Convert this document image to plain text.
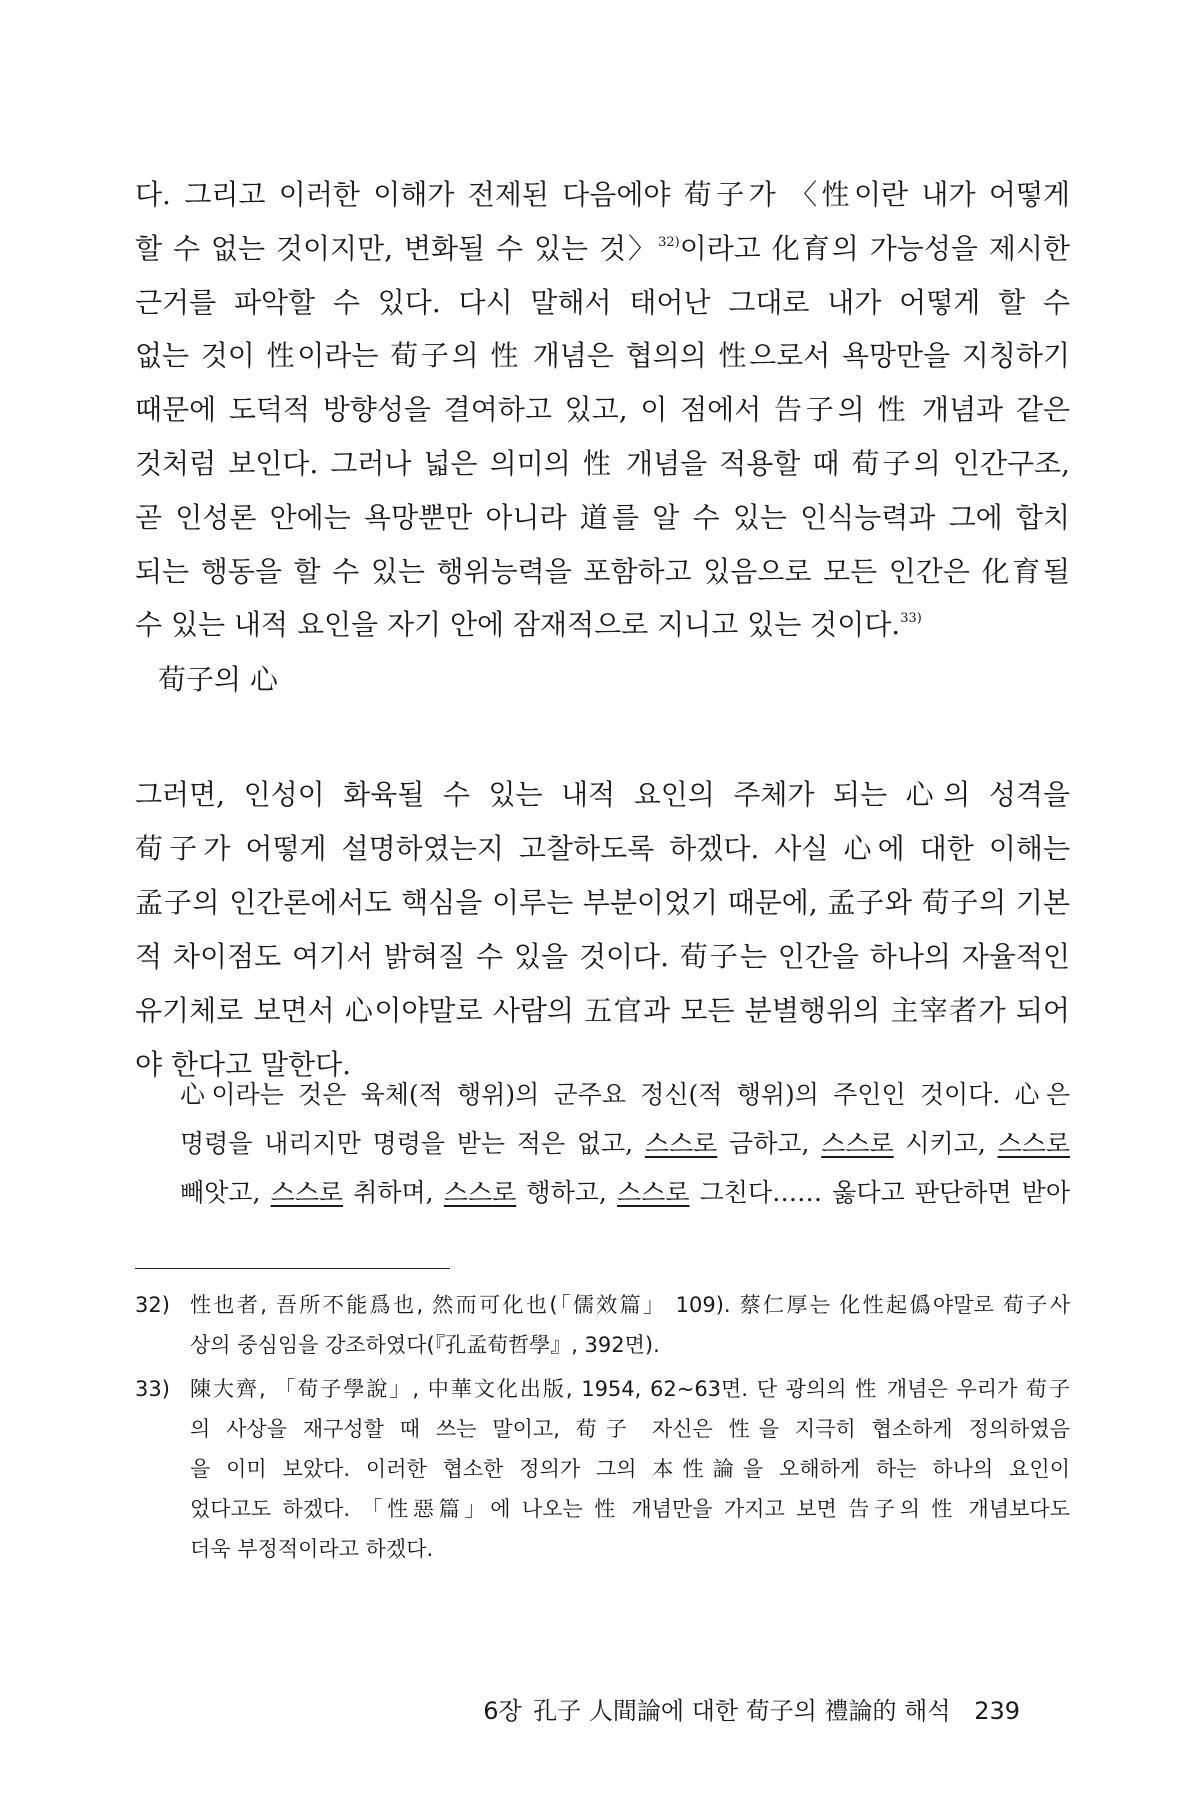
다. 그리고 이러한 이해가 전제된 다음에야 荀子가 〈性이란 내가 어떻게
할 수 없는 것이지만, 변화될 수 있는 것〉$^{32)}$이라고 化育의 가능성을 제시한
근거를 파악할 수 있다. 다시 말해서 태어난 그대로 내가 어떻게 할 수
없는 것이 性이라는 荀子의 性 개념은 협의의 性으로서 욕망만을 지칭하기
때문에 도덕적 방향성을 결여하고 있고, 이 점에서 告子의 性 개념과 같은
것처럼 보인다. 그러나 넓은 의미의 性 개념을 적용할 때 荀子의 인간구조,
곧 인성론 안에는 욕망뿐만 아니라 道를 알 수 있는 인식능력과 그에 합치
되는 행동을 할 수 있는 행위능력을 포함하고 있음으로 모든 인간은 化育될
수 있는 내적 요인을 자기 안에 잠재적으로 지니고 있는 것이다.$^{33)}$
荀子의 心
그러면, 인성이 화육될 수 있는 내적 요인의 주체가 되는 心의 성격을
荀子가 어떻게 설명하였는지 고찰하도록 하겠다. 사실 心에 대한 이해는
孟子의 인간론에서도 핵심을 이루는 부분이었기 때문에, 孟子와 荀子의 기본
적 차이점도 여기서 밝혀질 수 있을 것이다. 荀子는 인간을 하나의 자율적인
유기체로 보면서 心이야말로 사람의 五官과 모든 분별행위의 主宰者가 되어
야 한다고 말한다.
心이라는 것은 육체(적 행위)의 군주요 정신(적 행위)의 주인인 것이다. 心은
명령을 내리지만 명령을 받는 적은 없고, 스스로 금하고, 스스로 시키고, 스스로
빼앗고, 스스로 취하며, 스스로 행하고, 스스로 그친다…… 옳다고 판단하면 받아
32) 性也者, 吾所不能爲也, 然而可化也(「儒效篇」 109). 蔡仁厚는 化性起僞야말로 荀子사
상의 중심임을 강조하였다(『孔孟荀哲學』, 392면).
33) 陳大齊, 「荀子學說」, 中華文化出版, 1954, 62~63면. 단 광의의 性 개념은 우리가 荀子
의 사상을 재구성할 때 쓰는 말이고, 荀子 자신은 性을 지극히 협소하게 정의하였음
을 이미 보았다. 이러한 협소한 정의가 그의 本性論을 오해하게 하는 하나의 요인이
었다고도 하겠다. 「性惡篇」에 나오는 性 개념만을 가지고 보면 告子의 性 개념보다도
더욱 부정적이라고 하겠다.
6장 孔子 人間論에 대한 荀子의 禮論的 해석 239
